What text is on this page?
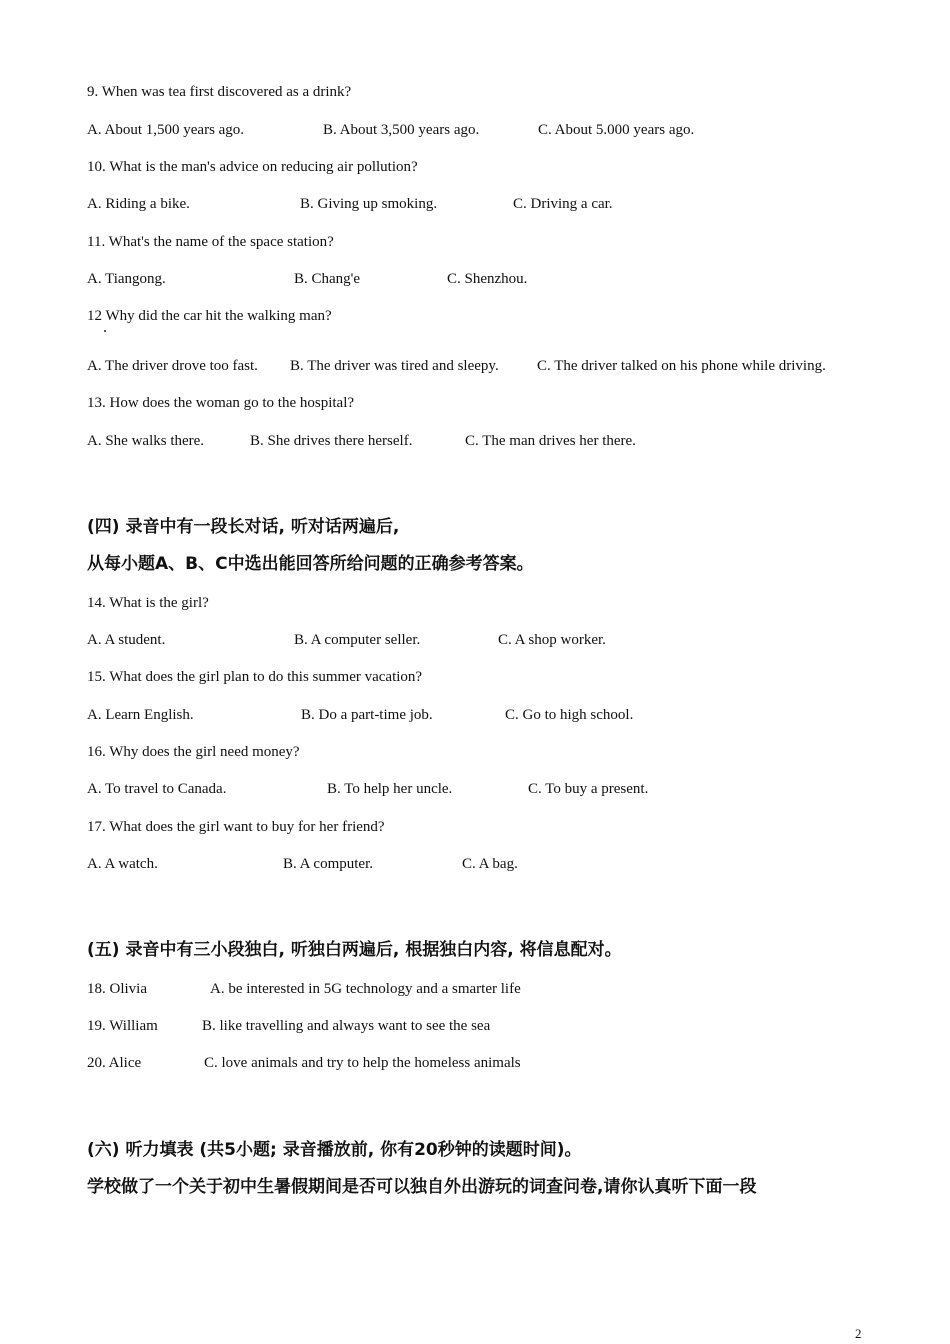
9. When was tea first discovered as a drink?
A. About 1,500 years ago.	B. About 3,500 years ago.	C. About 5.000 years ago.
10. What is the man's advice on reducing air pollution?
A. Riding a bike.	B. Giving up smoking.	C. Driving a car.
11. What's the name of the space station?
A. Tiangong.	B. Chang'e	C. Shenzhou.
12 Why did the car hit the walking man?
A. The driver drove too fast. B. The driver was tired and sleepy.	C. The driver talked on his phone while driving.
13. How does the woman go to the hospital?
A. She walks there.	B. She drives there herself.	C. The man drives her there.
(四) 录音中有一段长对话, 听对话两遍后,
从每小题A、B、C中选出能回答所给问题的正确参考答案。
14. What is the girl?
A. A student.	B. A computer seller.	C. A shop worker.
15. What does the girl plan to do this summer vacation?
A. Learn English.	B. Do a part-time job.	C. Go to high school.
16. Why does the girl need money?
A. To travel to Canada.	B. To help her uncle.	C. To buy a present.
17. What does the girl want to buy for her friend?
A. A watch.	B. A computer.	C. A bag.
(五) 录音中有三小段独白, 听独白两遍后, 根据独白内容, 将信息配对。
18. Olivia	A. be interested in 5G technology and a smarter life
19. William	B. like travelling and always want to see the sea
20. Alice	C. love animals and try to help the homeless animals
(六) 听力填表 (共5小题; 录音播放前, 你有20秒钟的读题时间)。
学校做了一个关于初中生暑假期间是否可以独自外出游玩的词查问卷,请你认真听下面一段
2
